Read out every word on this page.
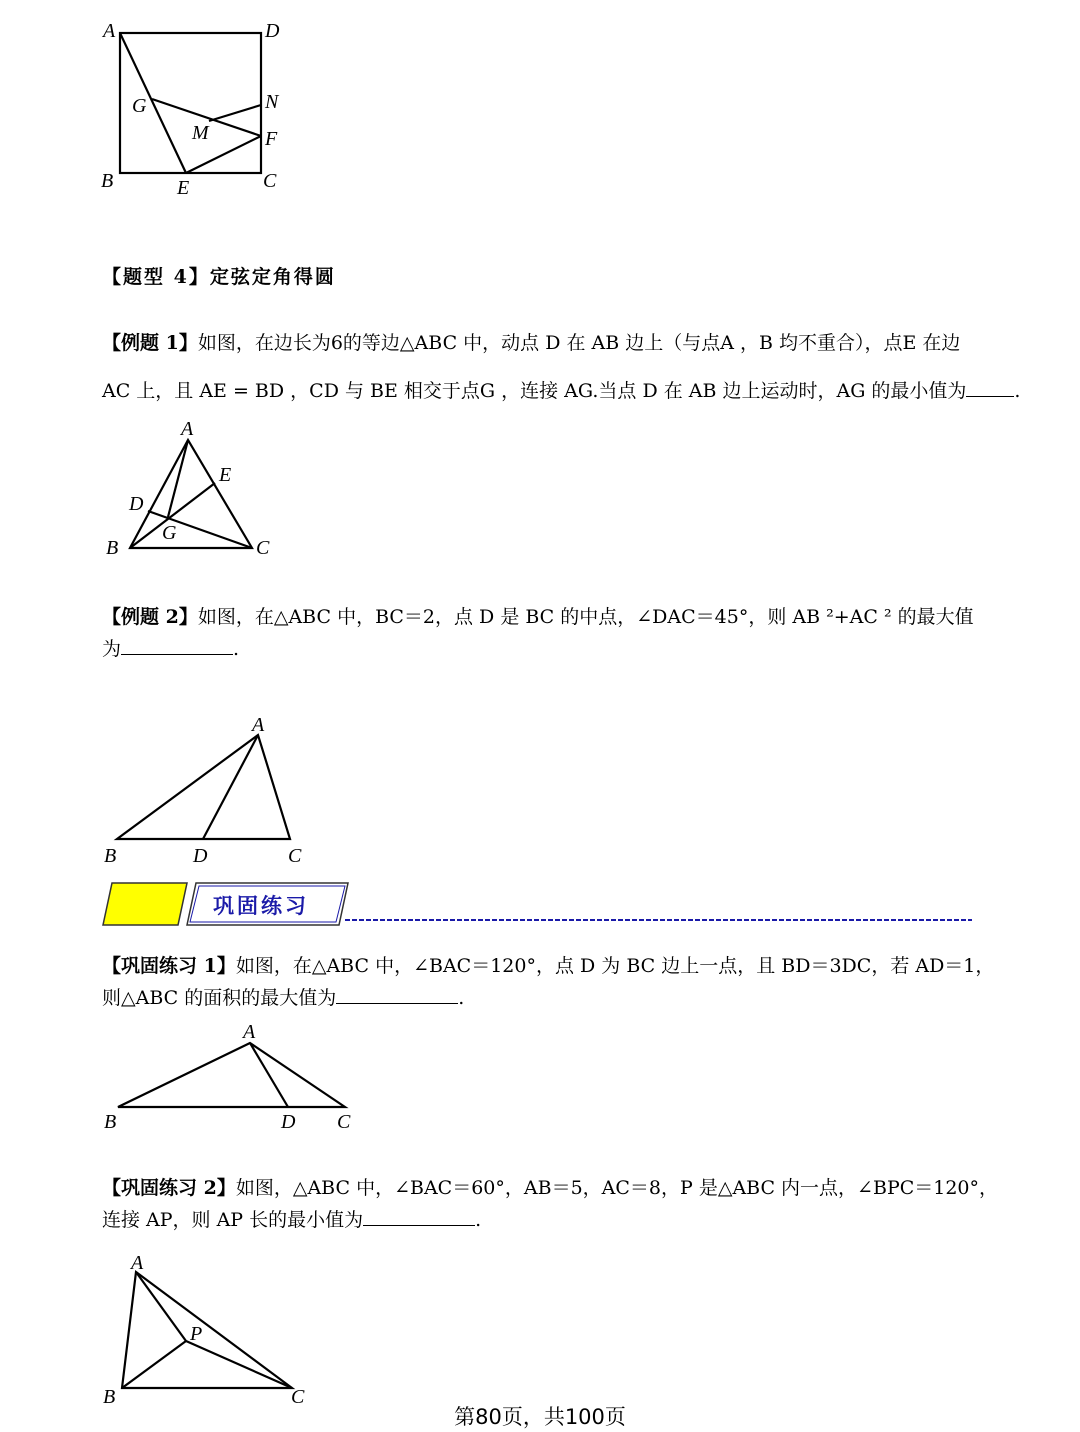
A	D
G	N
M	F
B	E	C
【题型 4】定弦定角得圆
【例题 1】如图，在边长为6的等边△ABC 中，动点 D 在 AB 边上（与点A ，B 均不重合），点E 在边
AC 上，且 AE = BD ，CD 与 BE 相交于点G ，连接 AG.当点 D 在 AB 边上运动时，AG 的最小值为	.
A
E
D
G
B	C
【例题 2】如图，在△ABC 中，BC＝2，点 D 是 BC 的中点，∠DAC＝45°，则 AB ²+AC ² 的最大值
为	.
A
B	D	C
巩固练习
【巩固练习 1】如图，在△ABC 中，∠BAC＝120°，点 D 为 BC 边上一点，且 BD＝3DC，若 AD＝1，
则△ABC 的面积的最大值为	.
A
B	D C
【巩固练习 2】如图，△ABC 中，∠BAC＝60°，AB＝5，AC＝8，P 是△ABC 内一点，∠BPC＝120°，
连接 AP，则 AP 长的最小值为	.
A
P
B	C
第80页，共100页
